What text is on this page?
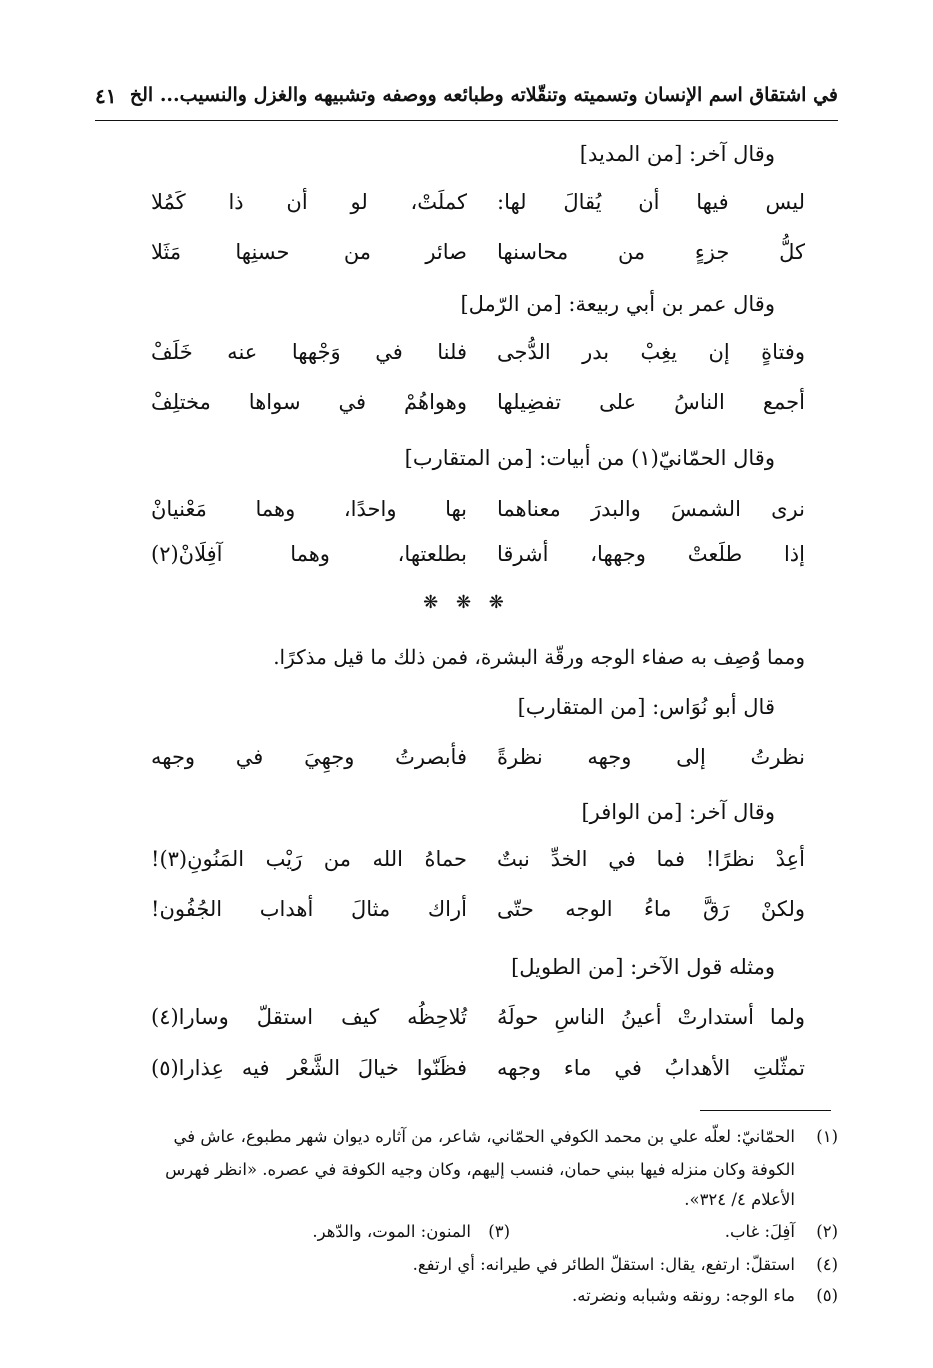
في اشتقاق اسم الإنسان وتسميته وتنقّلاته وطبائعه ووصفه وتشبيهه والغزل والنسيب... الخ
٤١
وقال آخر: [من المديد]
ليس فيها أن يُقالَ لها:
كملَتْ، لو أن ذا كَمُلا
كلُّ جزءٍ من محاسنها
صائر من حسنِها مَثَلا
وقال عمر بن أبي ربيعة: [من الرّمل]
وفتاةٍ إن يغِبْ بدر الدُّجى
فلنا في وَجْهها عنه خَلَفْ
أجمع الناسُ على تفضِيلها
وهواهُمْ في سواها مختلِفْ
وقال الحمّانيّ(١) من أبيات: [من المتقارب]
نرى الشمسَ والبدرَ معناهما
بها واحدًا، وهما مَعْنيانْ
إذا طلَعتْ وجهها، أشرقا
بطلعتها، وهما آفِلَانْ(٢)
❋ ❋ ❋
ومما وُصِف به صفاء الوجه ورقّة البشرة، فمن ذلك ما قيل مذكرًا.
قال أبو نُوَاس: [من المتقارب]
نظرتُ إلى وجهه نظرةً
فأبصرتُ وجهِيَ في وجهه
وقال آخر: [من الوافر]
أعِدْ نظرًا! فما في الخدِّ نبتٌ
حماهُ الله من رَيْب المَنُونِ(٣)!
ولكنْ رَقَّ ماءُ الوجه حتّى
أراك مثالَ أهداب الجُفُون!
ومثله قول الآخر: [من الطويل]
ولما أستدارتْ أعينُ الناسِ حولَهُ
تُلاحِظُه كيف استقلّ وسارا(٤)
تمثّلتِ الأهدابُ في ماء وجهه
فظَنّوا خيالَ الشَّعْر فيه عِذارا(٥)
(١)
الحمّانيّ: لعلّه علي بن محمد الكوفي الحمّاني، شاعر، من آثاره ديوان شهر مطبوع، عاش في
الكوفة وكان منزله فيها ببني حمان، فنسب إليهم، وكان وجيه الكوفة في عصره. «انظر فهرس
الأعلام ٤/ ٣٢٤».
(٢)
آفِلَ: غاب.
(٣)
المنون: الموت، والدّهر.
(٤)
استقلّ: ارتفع، يقال: استقلّ الطائر في طيرانه: أي ارتفع.
(٥)
ماء الوجه: رونقه وشبابه ونضرته.
